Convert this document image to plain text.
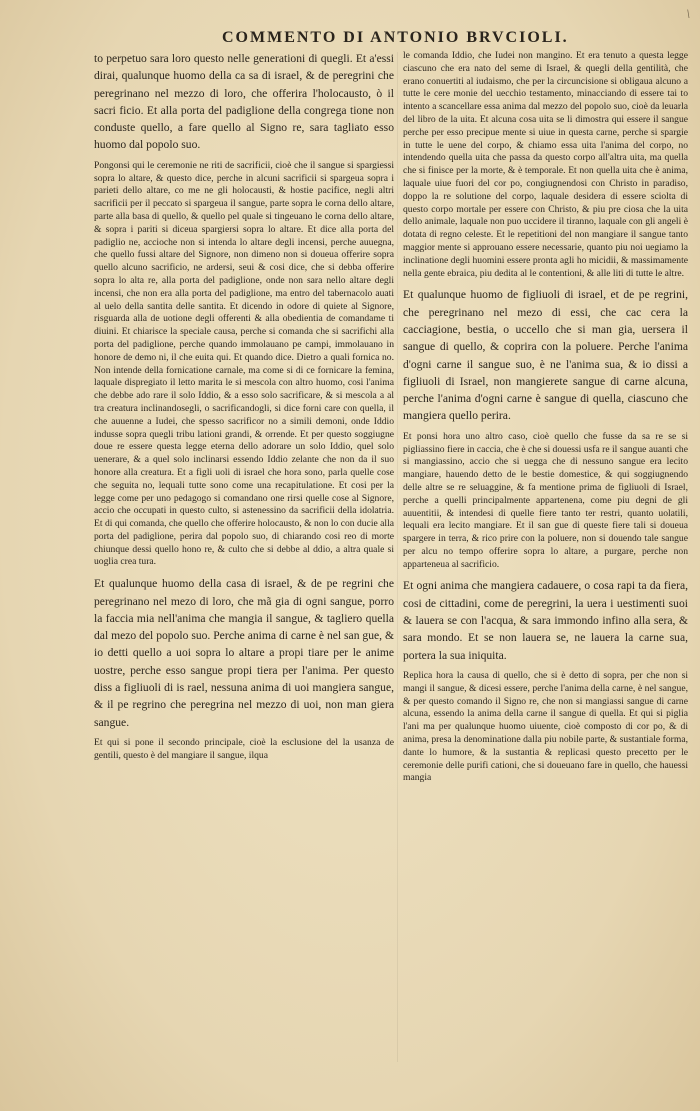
\
COMMENTO DI ANTONIO BRVCIOLI.

to perpetuo sara loro questo nelle generationi di quegli. Et a'essi dirai, qualunque huomo della ca sa di israel, & de peregrini che peregrinano nel mezzo di loro, che offerira l'holocausto, ò il sacri ficio. Et alla porta del padiglione della congrega tione non conduste quello, a fare quello al Signo re, sara tagliato esso huomo dal popolo suo.

Pongonsi qui le ceremonie ne riti de sacrificii, cioè che il sangue si spargiessi sopra lo altare, & questo dice, perche in alcuni sacrificii si spargeua sopra i parieti dello altare, co me ne gli holocausti, & hostie pacifice, negli altri sacrificii per il peccato si spargeua il sangue, parte sopra le corna dello altare, parte alla basa di quello, & quello pel quale si tingeuano le corna dello altare, & sopra i pariti si diceua spargiersi sopra lo altare. Et dice alla porta del padiglio ne, accioche non si intenda lo altare degli incensi, perche auuegna, che quello fussi altare del Signore, non dimeno non si doueua offerire sopra quello alcuno sacrificio, ne ardersi, seui & cosi dice, che si debba offerire sopra lo alta re, alla porta del padiglione, onde non sara nello altare degli incensi, che non era alla porta del padiglione, ma entro del tabernacolo auati al uelo della santita delle santita. Et dicendo in odore di quiete al Signore, risguarda alla de uotione degli offerenti & alla obedientia de comandame ti diuini. Et chiarisce la speciale causa, perche si comanda che si sacrifichi alla porta del padiglione, perche quando immolauano pe campi, immolauano in honore de demo ni, il che euita qui. Et quando dice. Dietro a quali fornica no. Non intende della fornicatione carnale, ma come si di ce fornicare la femina, laquale dispregiato il letto marita le si mescola con altro huomo, cosi l'anima che debbe ado rare il solo Iddio, & a esso solo sacrificare, & si mescola a al tra creatura inclinandosegli, o sacrificandogli, si dice forni care con quella, il che auuenne a Iudei, che spesso sacrificor no a simili demoni, onde Iddio indusse sopra quegli tribu lationi grandi, & orrende. Et per questo soggiugne doue re essere questa legge eterna dello adorare un solo Iddio, quel solo uenerare, & a quel solo inclinarsi essendo Iddio zelante che non da il suo honore alla creatura. Et a figli uoli di israel che hora sono, parla quelle cose che seguita no, lequali tutte sono come una recapitulatione. Et cosi per la legge come per uno pedagogo si comandano one rirsi quelle cose al Signore, accio che occupati in questo culto, si astenessino da sacrificii della idolatria. Et di qui comanda, che quello che offerire holocausto, & non lo con ducie alla porta del padiglione, perira dal popolo suo, di chiarando cosi reo di morte chiunque dessi quello hono re, & culto che si debbe al ddio, a altra quale si uoglia crea tura.

Et qualunque huomo della casa di israel, & de pe regrini che peregrinano nel mezo di loro, che mã gia di ogni sangue, porro la faccia mia nell'anima che mangia il sangue, & tagliero quella dal mezo del popolo suo. Perche anima di carne è nel san gue, & io detti quello a uoi sopra lo altare a propi tiare per le anime uostre, perche esso sangue propi tiera per l'anima. Per questo diss a figliuoli di is rael, nessuna anima di uoi mangiera sangue, & il pe regrino che peregrina nel mezzo di uoi, non man giera sangue.

Et qui si pone il secondo principale, cioè la esclusione del la usanza de gentili, questo è del mangiare il sangue, ilqua

le comanda Iddio, che Iudei non mangino. Et era tenuto a questa legge ciascuno che era nato del seme di Israel, & quegli della gentilità, che erano conuertiti al iudaismo, che per la circuncisione si obligaua alcuno a tutte le cere monie del uecchio testamento, minacciando di essere tai to intento a scancellare essa anima dal mezzo del popolo suo, cioè da leuarla del libro de la uita. Et alcuna cosa uita se li dimostra qui essere il sangue perche per esso precipue mente si uiue in questa carne, perche si spargie in tutte le uene del corpo, & chiamo essa uita l'anima del corpo, no intendendo quella uita che passa da questo corpo all'altra uita, ma quella che si finisce per la morte, & è temporale. Et non quella uita che è anima, laquale uiue fuori del cor po, congiugnendosi con Christo in paradiso, doppo la re solutione del corpo, laquale desidera di essere sciolta di questo corpo mortale per essere con Christo, & piu pre ciosa che la uita dello animale, laquale non puo uccidere il tiranno, laquale con gli angeli è dotata di regno celeste. Et le repetitioni del non mangiare il sangue tanto maggior mente si approuano essere necessarie, quanto piu noi uegiamo la inclinatione degli huomini essere pronta agli ho micidii, & massimamente nella gente ebraica, piu dedita al le contentioni, & alle liti di tutte le altre.

Et qualunque huomo de figliuoli di israel, et de pe regrini, che peregrinano nel mezo di essi, che cac cera la cacciagione, bestia, o uccello che si man gia, uersera il sangue di quello, & coprira con la poluere. Perche l'anima d'ogni carne il sangue suo, è ne l'anima sua, & io dissi a figliuoli di Israel, non mangierete sangue di carne alcuna, perche l'anima d'ogni carne è sangue di quella, ciascuno che mangiera quello perira.

Et ponsi hora uno altro caso, cioè quello che fusse da sa re se si pigliassino fiere in caccia, che è che si douessi usfa re il sangue auanti che si mangiassino, accio che si uegga che di nessuno sangue era lecito mangiare, hauendo detto de le bestie domestice, & qui soggiugnendo delle altre se re seluaggine, & fa mentione prima de figliuoli di Israel, perche a quelli principalmente appartenena, come piu degni de gli auuentitii, & intendesi di quelle fiere tanto ter restri, quanto uolatili, lequali era lecito mangiare. Et il san gue di queste fiere tali si doueua spargere in terra, & rico prire con la poluere, non si douendo tale sangue per alcu no tempo offerire sopra lo altare, a purgare, perche non apparteneua al sacrificio.

Et ogni anima che mangiera cadauere, o cosa rapi ta da fiera, cosi de cittadini, come de peregrini, la uera i uestimenti suoi & lauera se con l'acqua, & sara immondo infino alla sera, & sara mondo. Et se non lauera se, ne lauera la carne sua, portera la sua iniquita.

Replica hora la causa di quello, che si è detto di sopra, per che non si mangi il sangue, & dicesi essere, perche l'anima della carne, è nel sangue, & per questo comando il Signo re, che non si mangiassi sangue di carne alcuna, essendo la anima della carne il sangue di quella. Et qui si piglia l'ani ma per qualunque huomo uiuente, cioè composto di cor po, & di anima, presa la denominatione dalla piu nobile parte, & sustantiale forma, dante lo humore, & la sustantia & replicasi questo precetto per le ceremonie delle purifi cationi, che si doueuano fare in quello, che hauessi mangia
